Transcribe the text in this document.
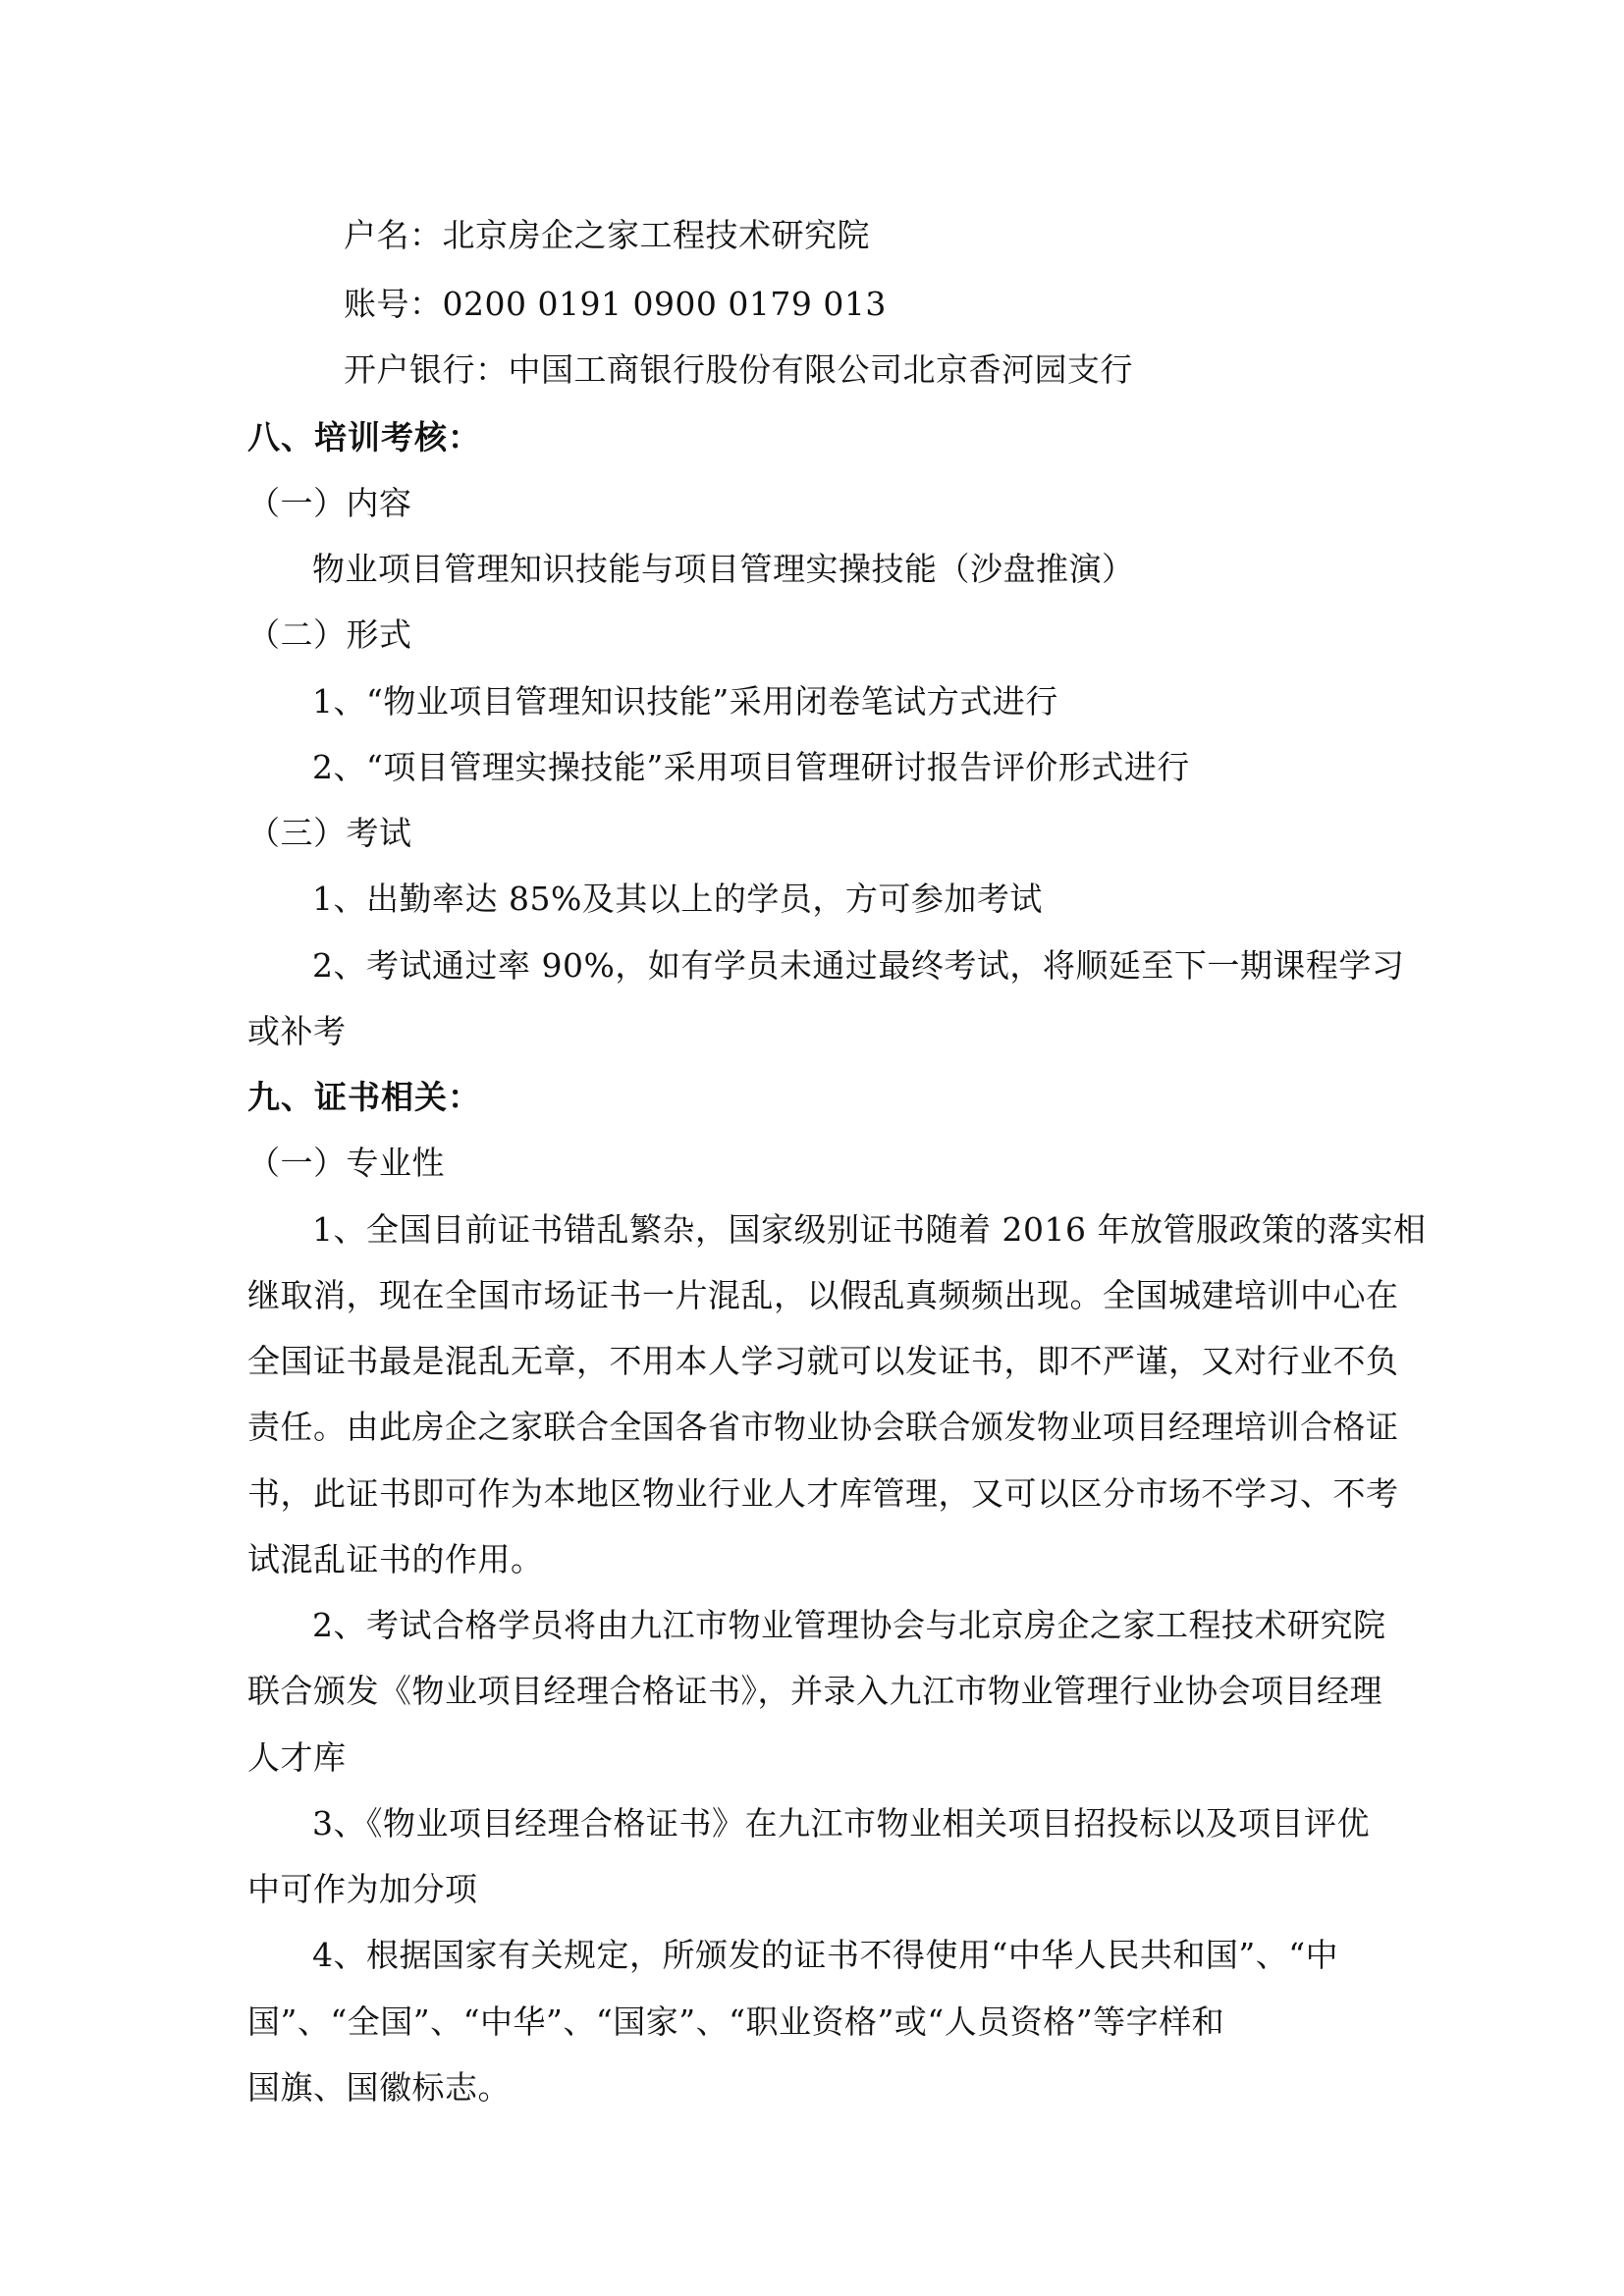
户名：北京房企之家工程技术研究院
账号：0200 0191 0900 0179 013
开户银行：中国工商银行股份有限公司北京香河园支行
八、培训考核：
（一）内容
物业项目管理知识技能与项目管理实操技能（沙盘推演）
（二）形式
1、“物业项目管理知识技能”采用闭卷笔试方式进行
2、“项目管理实操技能”采用项目管理研讨报告评价形式进行
（三）考试
1、出勤率达 85%及其以上的学员，方可参加考试
2、考试通过率 90%，如有学员未通过最终考试，将顺延至下一期课程学习
或补考
九、证书相关：
（一）专业性
1、全国目前证书错乱繁杂，国家级别证书随着 2016 年放管服政策的落实相
继取消，现在全国市场证书一片混乱，以假乱真频频出现。全国城建培训中心在
全国证书最是混乱无章，不用本人学习就可以发证书，即不严谨，又对行业不负
责任。由此房企之家联合全国各省市物业协会联合颁发物业项目经理培训合格证
书，此证书即可作为本地区物业行业人才库管理，又可以区分市场不学习、不考
试混乱证书的作用。
2、考试合格学员将由九江市物业管理协会与北京房企之家工程技术研究院
联合颁发《物业项目经理合格证书》，并录入九江市物业管理行业协会项目经理
人才库
3、《物业项目经理合格证书》在九江市物业相关项目招投标以及项目评优
中可作为加分项
4、根据国家有关规定，所颁发的证书不得使用“中华人民共和国”、“中
国”、“全国”、“中华”、“国家”、“职业资格”或“人员资格”等字样和
国旗、国徽标志。
